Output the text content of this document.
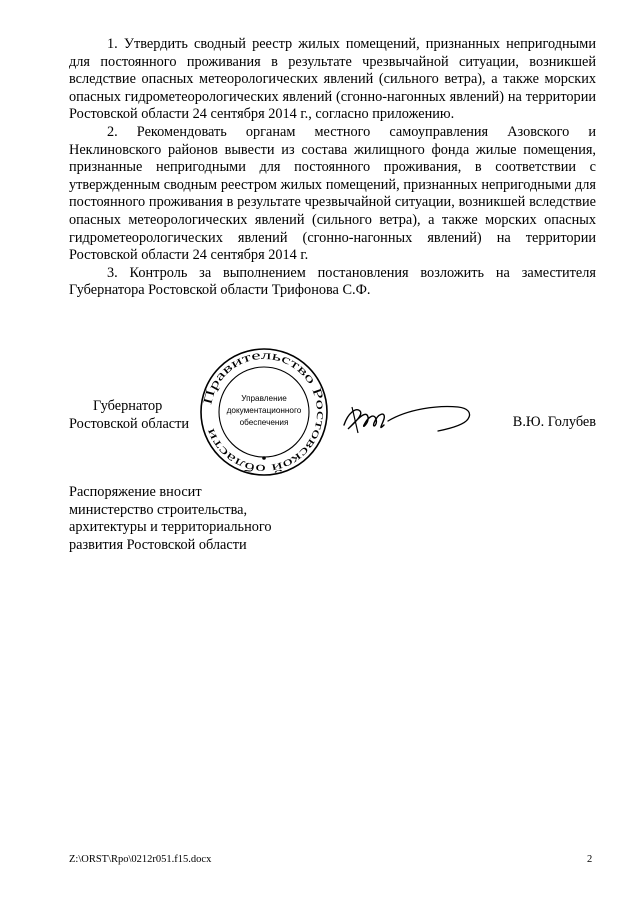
1. Утвердить сводный реестр жилых помещений, признанных непригодными для постоянного проживания в результате чрезвычайной ситуации, возникшей вследствие опасных метеорологических явлений (сильного ветра), а также морских опасных гидрометеорологических явлений (сгонно-нагонных явлений) на территории Ростовской области 24 сентября 2014 г., согласно приложению.

2. Рекомендовать органам местного самоуправления Азовского и Неклиновского районов вывести из состава жилищного фонда жилые помещения, признанные непригодными для постоянного проживания, в соответствии с утвержденным сводным реестром жилых помещений, признанных непригодными для постоянного проживания в результате чрезвычайной ситуации, возникшей вследствие опасных метеорологических явлений (сильного ветра), а также морских опасных гидрометеорологических явлений (сгонно-нагонных явлений) на территории Ростовской области 24 сентября 2014 г.

3. Контроль за выполнением постановления возложить на заместителя Губернатора Ростовской области Трифонова С.Ф.

Губернатор
Ростовской области
Правительство Ростовской области
Управление
документационного
обеспечения	В.Ю. Голубев
Распоряжение вносит
министерство строительства,
архитектуры и территориального
развития Ростовской области
Z:\ORST\Rpo\0212r051.f15.docx	2
